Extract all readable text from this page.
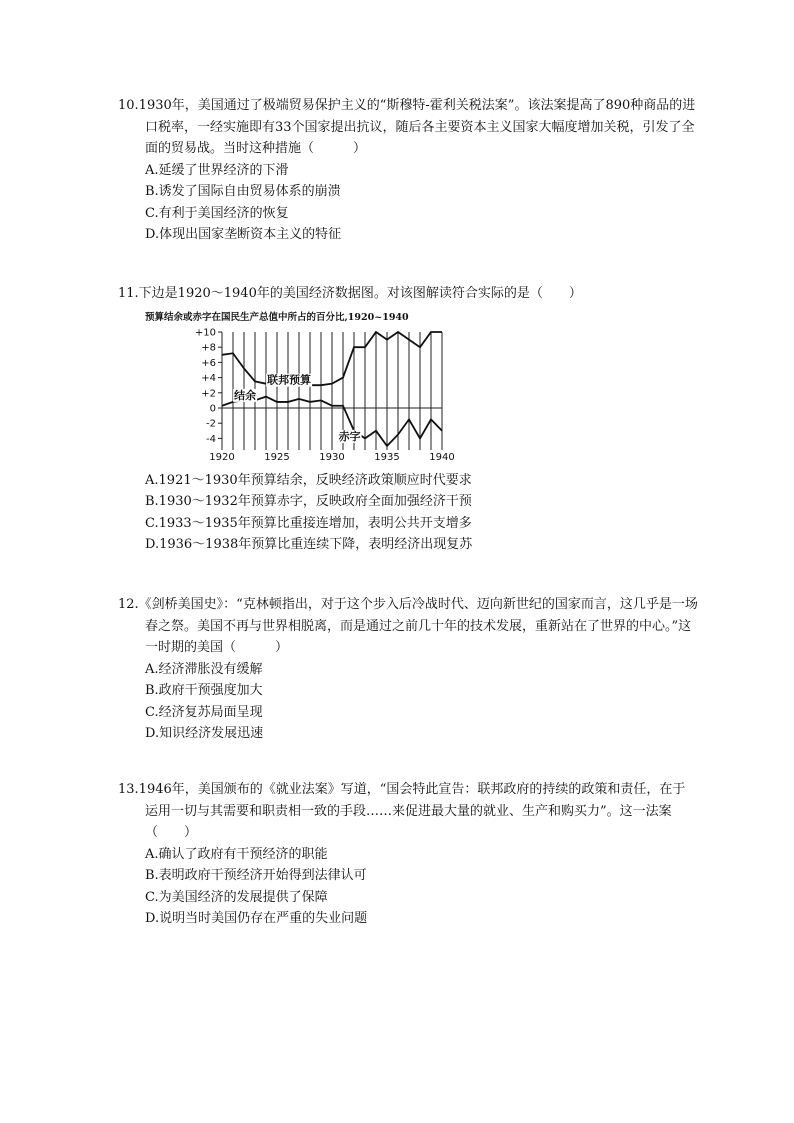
10.1930年，美国通过了极端贸易保护主义的“斯穆特-霍利关税法案”。该法案提高了890种商品的进口税率，一经实施即有33个国家提出抗议，随后各主要资本主义国家大幅度增加关税，引发了全面的贸易战。当时这种措施（　　　）

A.延缓了世界经济的下滑

B.诱发了国际自由贸易体系的崩溃

C.有利于美国经济的恢复

D.体现出国家垄断资本主义的特征

11.下边是1920～1940年的美国经济数据图。对该图解读符合实际的是（　　）

预算结余或赤字在国民生产总值中所占的百分比,1920~1940
+10
+8
+6
+4
+2
0
-2
-4
1920	1925	1930	1935	1940
联邦预算
结余
赤字

A.1921～1930年预算结余，反映经济政策顺应时代要求

B.1930～1932年预算赤字，反映政府全面加强经济干预

C.1933～1935年预算比重接连增加，表明公共开支增多

D.1936～1938年预算比重连续下降，表明经济出现复苏

12.《剑桥美国史》：“克林顿指出，对于这个步入后冷战时代、迈向新世纪的国家而言，这几乎是一场春之祭。美国不再与世界相脱离，而是通过之前几十年的技术发展，重新站在了世界的中心。”这一时期的美国（　　　）

A.经济滞胀没有缓解

B.政府干预强度加大

C.经济复苏局面呈现

D.知识经济发展迅速

13.1946年，美国颁布的《就业法案》写道，“国会特此宣告：联邦政府的持续的政策和责任，在于运用一切与其需要和职责相一致的手段……来促进最大量的就业、生产和购买力”。这一法案（　　）

A.确认了政府有干预经济的职能

B.表明政府干预经济开始得到法律认可

C.为美国经济的发展提供了保障

D.说明当时美国仍存在严重的失业问题
